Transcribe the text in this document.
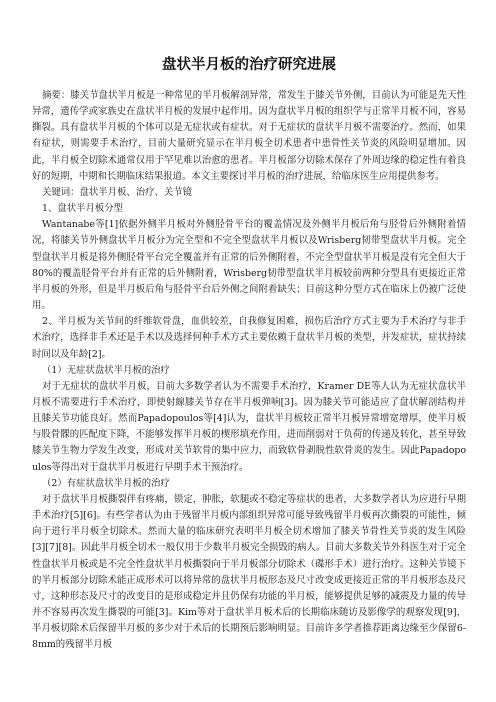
盘状半月板的治疗研究进展

摘要：膝关节盘状半月板是一种常见的半月板解剖异常，常发生于膝关节外侧，目前认为可能是先天性异常，遗传学或家族史在盘状半月板的发展中起作用。因为盘状半月板的组织学与正常半月板不同，容易撕裂。具有盘状半月板的个体可以是无症状或有症状。对于无症状的盘状半月板不需要治疗。然而，如果有症状，则需要手术治疗，目前大量研究显示在半月板全切术患者中患骨性关节炎的风险明显增加。因此，半月板全切除术通常仅用于罕见难以治愈的患者。半月板部分切除术保存了外周边缘的稳定性有着良好的短期，中期和长期临床结果报道。本文主要探讨半月板的治疗进展，给临床医生应用提供参考。

关键词：盘状半月板、治疗、关节镜

1、盘状半月板分型

Wantanabe等[1]依据外侧半月板对外侧胫骨平台的覆盖情况及外侧半月板后角与胫骨后外侧附着情况，将膝关节外侧盘状半月板分为完全型和不完全型盘状半月板以及Wrisberg韧带型盘状半月板。完全型盘状半月板是将外侧胫骨平台完全覆盖并有正常的后外侧附着，不完全型盘状半月板是没有完全但大于80%的覆盖胫骨平台并有正常的后外侧附着，Wrisberg韧带型盘状半月板较前两种分型具有更接近正常半月板的外形，但是半月板后角与胫骨平台后外侧之间附着缺失；目前这种分型方式在临床上仍被广泛使用。

2、半月板为关节间的纤维软骨盘，血供较差，自我修复困难，损伤后治疗方式主要为手术治疗与非手术治疗，选择非手术还是手术以及选择何种手术方式主要依赖于盘状半月板的类型，并发症状，症状持续时间以及年龄[2]。

（1）无症状盘状半月板的治疗

对于无症状的盘状半月板，目前大多数学者认为不需要手术治疗，Kramer DE等人认为无症状盘状半月板不需要进行手术治疗，即使射線膝关节存在半月板弹响[3]。因为膝关节可能适应了盘状解剖结构并且膝关节功能良好。然而Papadopoulos等[4]认为，盘状半月板较正常半月板异常增宽增厚，使半月板与股骨髁的匹配度下降，不能够发挥半月板的楔形填充作用，进而削弱对于负荷的传递及转化，甚至导致膝关节生物力学发生改变，形成对关节软骨的集中应力，而致软骨剥脱性软骨炎的发生。因此Papadopoulos等得出对于盘状半月板进行早期手术干预治疗。

（2）有症状盘状半月板的治疗

对于盘状半月板撕裂伴有疼痛，锁定，肿胀，软腿或不稳定等症状的患者，大多数学者认为应进行早期手术治疗[5][6]。有些学者认为由于残留半月板内部组织异常可能导致残留半月板再次撕裂的可能性，倾向于进行半月板全切除术。然而大量的临床研究表明半月板全切术增加了膝关节骨性关节炎的发生风险[3][7][8]。因此半月板全切术一般仅用于少数半月板完全损毁的病人。目前大多数关节外科医生对于完全性盘状半月板或是不完全性盘状半月板撕裂向于半月板部分切除术（碟形手术）进行治疗。这种关节镜下的半月板部分切除术能正成形术可以将异常的盘状半月板形态及尺寸改变成更接近正常的半月板形态及尺寸，这种形态及尺寸的改变目的是形成稳定并且仍保有功能的半月板，能够提供足够的减震及力量的传导并不容易再次发生撕裂的可能[3]。Kim等对于盘状半月板术后的长期临床随访及影像学的观察发现[9]，半月板切除术后保留半月板的多少对于术后的长期预后影响明显。目前许多学者推荐距离边缘至少保留6-8mm的残留半月板
